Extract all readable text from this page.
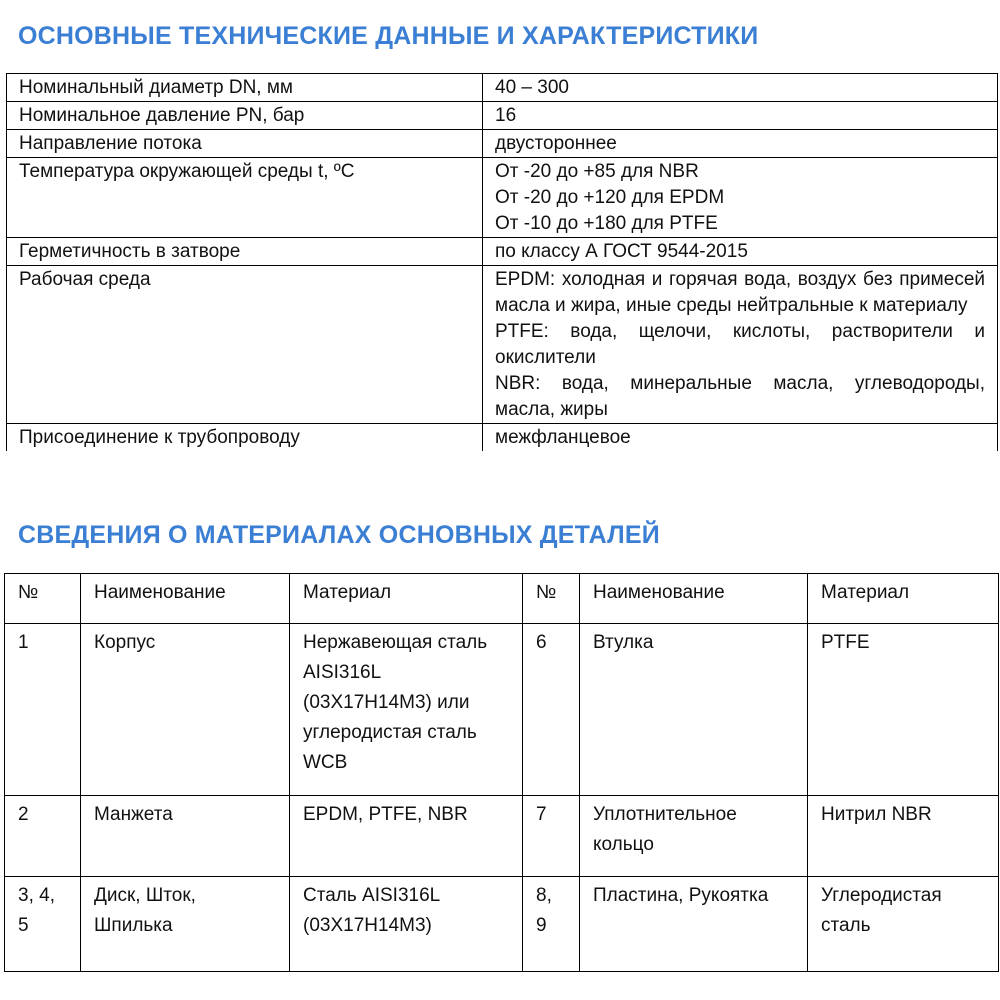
ОСНОВНЫЕ ТЕХНИЧЕСКИЕ ДАННЫЕ И ХАРАКТЕРИСТИКИ
Номинальный диаметр DN, мм	40 – 300

Номинальное давление PN, бар	16

Направление потока	двустороннее

Температура окружающей среды t, ºС	От -20 до +85 для NBR
От -20 до +120 для EPDM
От -10 до +180 для PTFE

Герметичность в затворе	по классу А ГОСТ 9544-2015

Рабочая среда	EPDM: холодная и горячая вода, воздух без примесей масла и жира, иные среды нейтральные к материалу
PTFE: вода, щелочи, кислоты, растворители и окислители
NBR: вода, минеральные масла, углеводороды, масла, жиры

Присоединение к трубопроводу	межфланцевое
СВЕДЕНИЯ О МАТЕРИАЛАХ ОСНОВНЫХ ДЕТАЛЕЙ
№	Наименование	Материал	№	Наименование	Материал
1	Корпус	Нержавеющая сталь AISI316L (03Х17Н14М3) или углеродистая сталь WCB	6	Втулка	PTFE
2	Манжета	EPDM, PTFE, NBR	7	Уплотнительное кольцо	Нитрил NBR
3, 4, 5	Диск, Шток, Шпилька	Сталь AISI316L (03Х17Н14М3)	8, 9	Пластина, Рукоятка	Углеродистая сталь
